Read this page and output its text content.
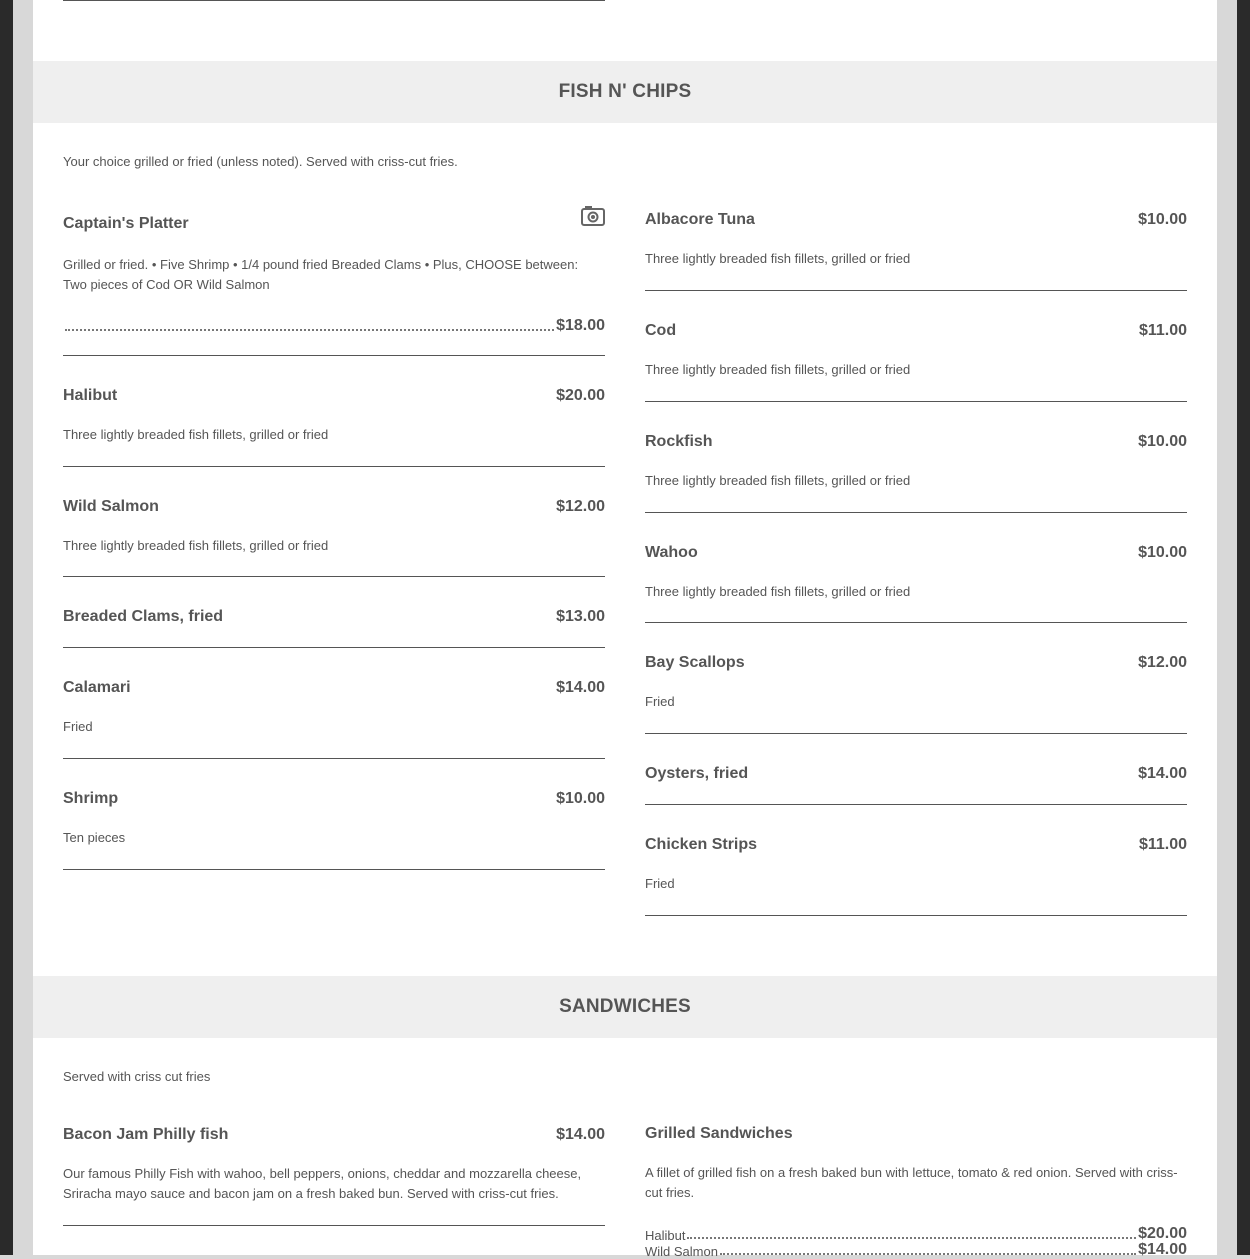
FISH N' CHIPS
Your choice grilled or fried (unless noted). Served with criss-cut fries.
Captain's Platter
Grilled or fried. • Five Shrimp • 1/4 pound fried Breaded Clams • Plus, CHOOSE between: Two pieces of Cod OR Wild Salmon
$18.00
Halibut	$20.00
Three lightly breaded fish fillets, grilled or fried
Wild Salmon	$12.00
Three lightly breaded fish fillets, grilled or fried
Breaded Clams, fried	$13.00
Calamari	$14.00
Fried
Shrimp	$10.00
Ten pieces
Albacore Tuna	$10.00
Three lightly breaded fish fillets, grilled or fried
Cod	$11.00
Three lightly breaded fish fillets, grilled or fried
Rockfish	$10.00
Three lightly breaded fish fillets, grilled or fried
Wahoo	$10.00
Three lightly breaded fish fillets, grilled or fried
Bay Scallops	$12.00
Fried
Oysters, fried	$14.00
Chicken Strips	$11.00
Fried
SANDWICHES
Served with criss cut fries
Bacon Jam Philly fish	$14.00
Our famous Philly Fish with wahoo, bell peppers, onions, cheddar and mozzarella cheese, Sriracha mayo sauce and bacon jam on a fresh baked bun. Served with criss-cut fries.
Grilled Sandwiches
A fillet of grilled fish on a fresh baked bun with lettuce, tomato & red onion. Served with criss-cut fries.
Halibut	$20.00
Wild Salmon	$14.00
